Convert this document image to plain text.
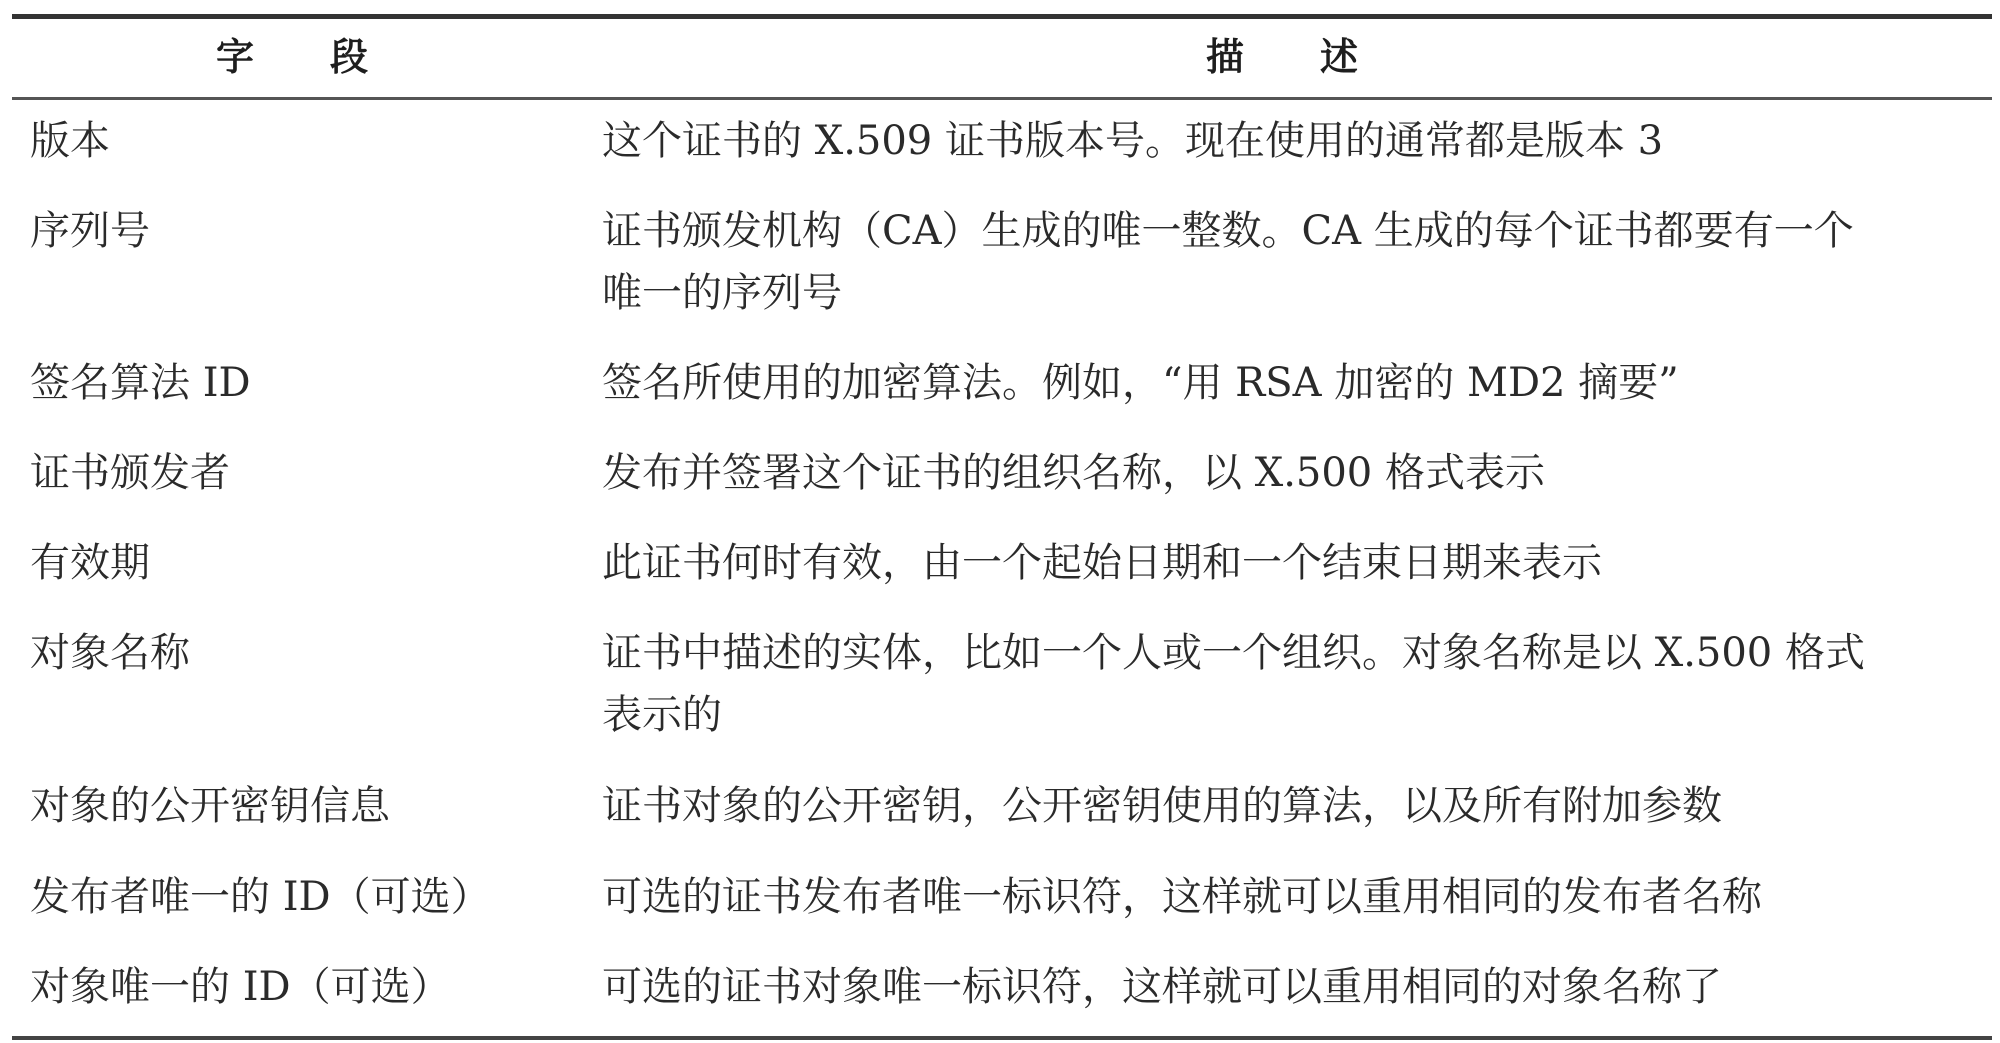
字　　段	描　　述
版本	这个证书的 X.509 证书版本号。现在使用的通常都是版本 3
序列号	证书颁发机构（CA）生成的唯一整数。CA 生成的每个证书都要有一个
唯一的序列号
签名算法 ID	签名所使用的加密算法。例如，“用 RSA 加密的 MD2 摘要”
证书颁发者	发布并签署这个证书的组织名称，以 X.500 格式表示
有效期	此证书何时有效，由一个起始日期和一个结束日期来表示
对象名称	证书中描述的实体，比如一个人或一个组织。对象名称是以 X.500 格式
表示的
对象的公开密钥信息	证书对象的公开密钥，公开密钥使用的算法，以及所有附加参数
发布者唯一的 ID（可选）	可选的证书发布者唯一标识符，这样就可以重用相同的发布者名称
对象唯一的 ID（可选）	可选的证书对象唯一标识符，这样就可以重用相同的对象名称了
